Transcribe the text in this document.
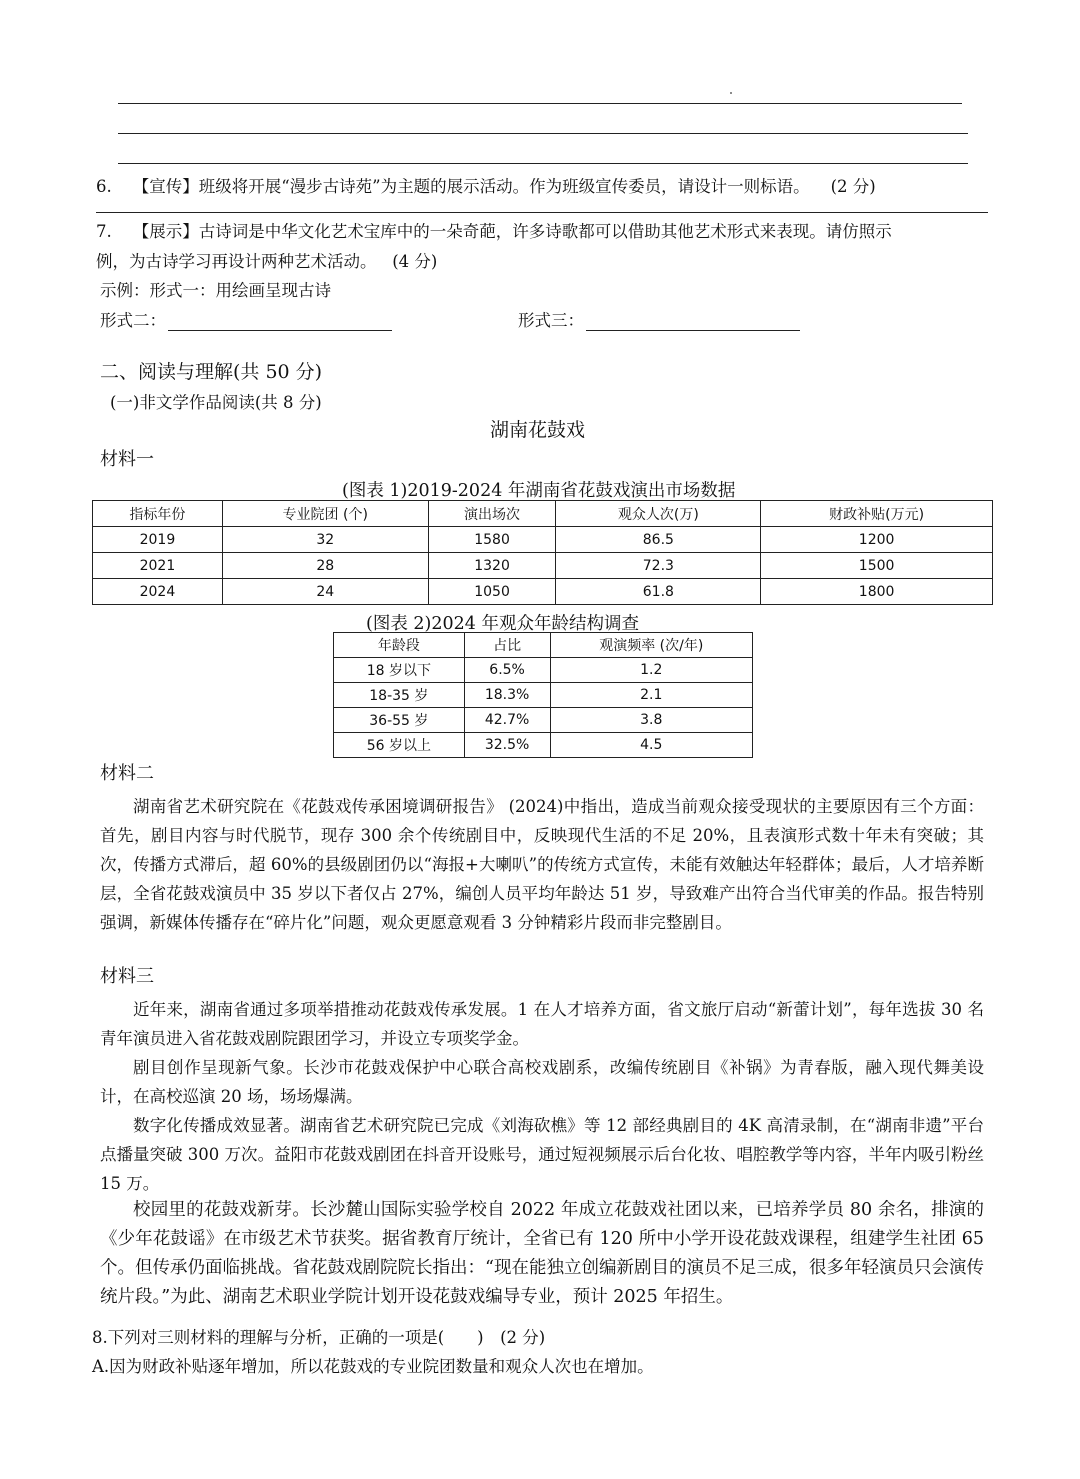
6. 【宣传】班级将开展“漫步古诗苑”为主题的展示活动。作为班级宣传委员，请设计一则标语。 (2 分)
7. 【展示】古诗词是中华文化艺术宝库中的一朵奇葩，许多诗歌都可以借助其他艺术形式来表现。请仿照示
例，为古诗学习再设计两种艺术活动。 (4 分)
示例：形式一：用绘画呈现古诗
形式二：	形式三：
二、阅读与理解(共 50 分)
(一)非文学作品阅读(共 8 分)
湖南花鼓戏
材料一
(图表 1)2019-2024 年湖南省花鼓戏演出市场数据
指标年份	专业院团 (个)	演出场次	观众人次(万)	财政补贴(万元)
2019	32	1580	86.5	1200
2021	28	1320	72.3	1500
2024	24	1050	61.8	1800
(图表 2)2024 年观众年龄结构调查
年龄段	占比	观演频率 (次/年)
18 岁以下	6.5%	1.2
18-35 岁	18.3%	2.1
36-55 岁	42.7%	3.8
56 岁以上	32.5%	4.5
材料二
湖南省艺术研究院在《花鼓戏传承困境调研报告》 (2024)中指出，造成当前观众接受现状的主要原因有三个方面：首先，剧目内容与时代脱节，现存 300 余个传统剧目中，反映现代生活的不足 20%，且表演形式数十年未有突破；其次，传播方式滞后，超 60%的县级剧团仍以“海报+大喇叭”的传统方式宣传，未能有效触达年轻群体；最后，人才培养断层，全省花鼓戏演员中 35 岁以下者仅占 27%，编创人员平均年龄达 51 岁，导致难产出符合当代审美的作品。报告特别强调，新媒体传播存在“碎片化”问题，观众更愿意观看 3 分钟精彩片段而非完整剧目。
材料三
近年来，湖南省通过多项举措推动花鼓戏传承发展。1 在人才培养方面，省文旅厅启动“新蕾计划”，每年选拔 30 名青年演员进入省花鼓戏剧院跟团学习，并设立专项奖学金。
剧目创作呈现新气象。长沙市花鼓戏保护中心联合高校戏剧系，改编传统剧目《补锅》为青春版，融入现代舞美设计，在高校巡演 20 场，场场爆满。
数字化传播成效显著。湖南省艺术研究院已完成《刘海砍樵》等 12 部经典剧目的 4K 高清录制，在“湖南非遗”平台点播量突破 300 万次。益阳市花鼓戏剧团在抖音开设账号，通过短视频展示后台化妆、唱腔教学等内容，半年内吸引粉丝 15 万。
校园里的花鼓戏新芽。长沙麓山国际实验学校自 2022 年成立花鼓戏社团以来，已培养学员 80 余名，排演的《少年花鼓谣》在市级艺术节获奖。据省教育厅统计，全省已有 120 所中小学开设花鼓戏课程，组建学生社团 65 个。但传承仍面临挑战。省花鼓戏剧院院长指出：“现在能独立创编新剧目的演员不足三成，很多年轻演员只会演传统片段。”为此、湖南艺术职业学院计划开设花鼓戏编导专业，预计 2025 年招生。
8.下列对三则材料的理解与分析，正确的一项是(　　)　(2 分)
A.因为财政补贴逐年增加，所以花鼓戏的专业院团数量和观众人次也在增加。
